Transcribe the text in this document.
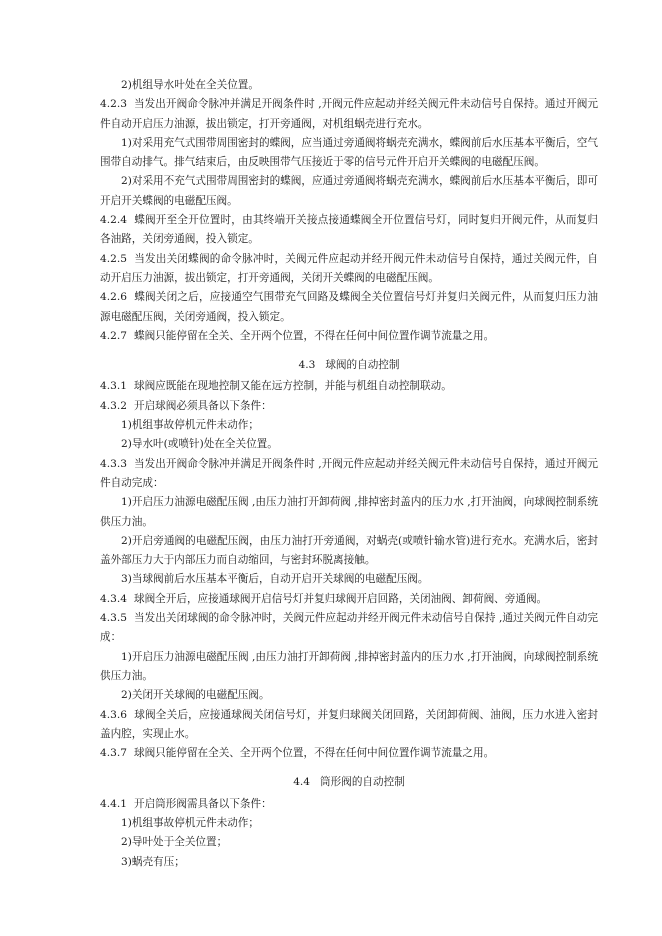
2)机组导水叶处在全关位置。

4.2.3 当发出开阀命令脉冲并满足开阀条件时 ,开阀元件应起动并经关阀元件未动信号自保持。通过开阀元件自动开启压力油源，拔出锁定，打开旁通阀，对机组蜗壳进行充水。

1)对采用充气式围带周围密封的蝶阀，应当通过旁通阀将蜗壳充满水，蝶阀前后水压基本平衡后，空气围带自动排气。排气结束后，由反映围带气压接近于零的信号元件开启开关蝶阀的电磁配压阀。

2)对采用不充气式围带周围密封的蝶阀，应通过旁通阀将蜗壳充满水，蝶阀前后水压基本平衡后，即可开启开关蝶阀的电磁配压阀。

4.2.4 蝶阀开至全开位置时，由其终端开关接点接通蝶阀全开位置信号灯，同时复归开阀元件，从而复归各油路，关闭旁通阀，投入锁定。

4.2.5 当发出关闭蝶阀的命令脉冲时，关阀元件应起动并经开阀元件未动信号自保持，通过关阀元件，自动开启压力油源，拔出锁定，打开旁通阀，关闭开关蝶阀的电磁配压阀。

4.2.6 蝶阀关闭之后，应接通空气围带充气回路及蝶阀全关位置信号灯并复归关阀元件，从而复归压力油源电磁配压阀，关闭旁通阀，投入锁定。

4.2.7 蝶阀只能停留在全关、全开两个位置，不得在任何中间位置作调节流量之用。

4.3 球阀的自动控制

4.3.1 球阀应既能在现地控制又能在远方控制，并能与机组自动控制联动。

4.3.2 开启球阀必须具备以下条件：

1)机组事故停机元件未动作；

2)导水叶(或喷针)处在全关位置。

4.3.3 当发出开阀命令脉冲并满足开阀条件时 ,开阀元件应起动并经关阀元件未动信号自保持，通过开阀元件自动完成：

1)开启压力油源电磁配压阀 ,由压力油打开卸荷阀 ,排掉密封盖内的压力水 ,打开油阀，向球阀控制系统供压力油。

2)开启旁通阀的电磁配压阀，由压力油打开旁通阀，对蜗壳(或喷针输水管)进行充水。充满水后，密封盖外部压力大于内部压力而自动缩回，与密封环脱离接触。

3)当球阀前后水压基本平衡后，自动开启开关球阀的电磁配压阀。

4.3.4 球阀全开后，应接通球阀开启信号灯并复归球阀开启回路，关闭油阀、卸荷阀、旁通阀。

4.3.5 当发出关闭球阀的命令脉冲时，关阀元件应起动并经开阀元件未动信号自保持 ,通过关阀元件自动完成：

1)开启压力油源电磁配压阀 ,由压力油打开卸荷阀 ,排掉密封盖内的压力水 ,打开油阀，向球阀控制系统供压力油。

2)关闭开关球阀的电磁配压阀。

4.3.6 球阀全关后，应接通球阀关闭信号灯，并复归球阀关闭回路，关闭卸荷阀、油阀，压力水进入密封盖内腔，实现止水。

4.3.7 球阀只能停留在全关、全开两个位置，不得在任何中间位置作调节流量之用。

4.4 筒形阀的自动控制

4.4.1 开启筒形阀需具备以下条件：

1)机组事故停机元件未动作；

2)导叶处于全关位置；

3)蜗壳有压；
